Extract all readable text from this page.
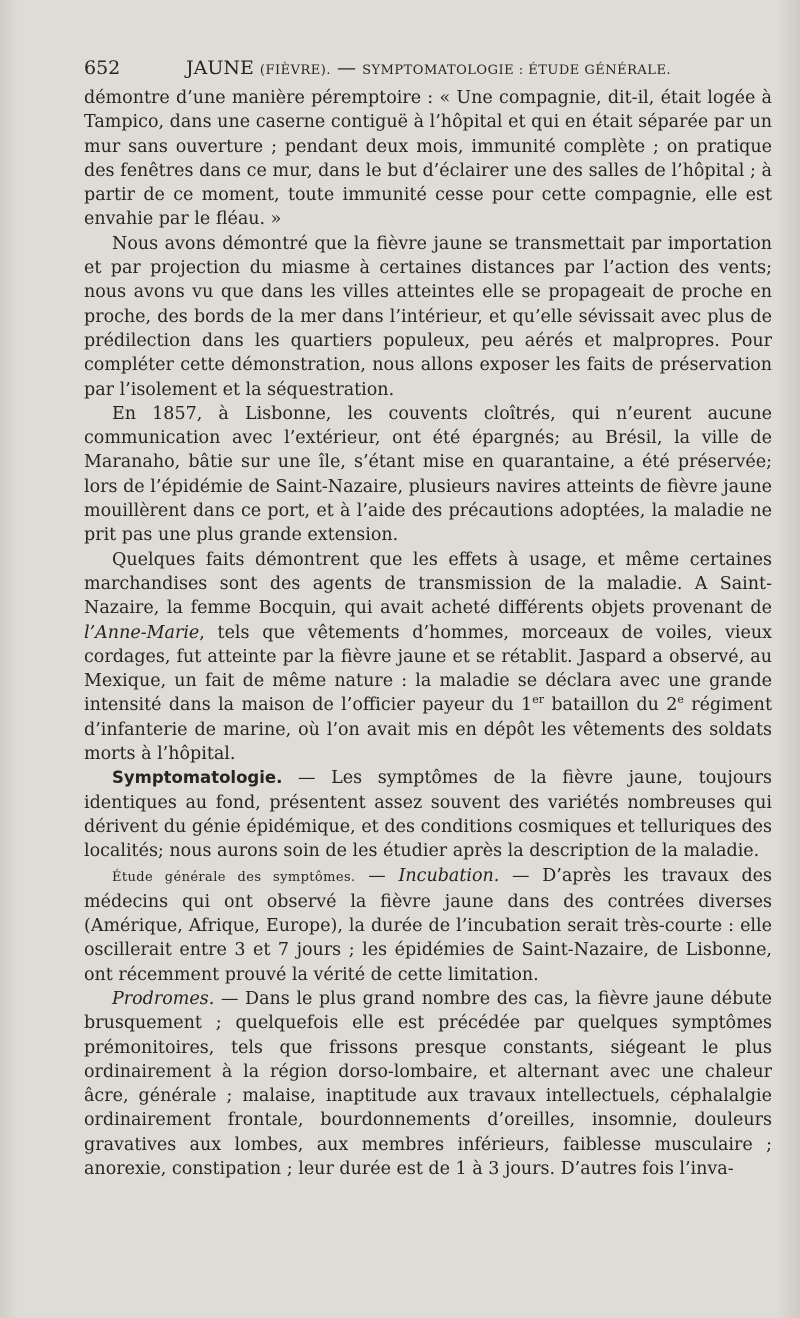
652	JAUNE (FIÈVRE). — SYMPTOMATOLOGIE : ÉTUDE GÉNÉRALE.

démontre d’une manière péremptoire : « Une compagnie, dit-il, était logée à Tampico, dans une caserne contiguë à l’hôpital et qui en était séparée par un mur sans ouverture ; pendant deux mois, immunité complète ; on pratique des fenêtres dans ce mur, dans le but d’éclairer une des salles de l’hôpital ; à partir de ce moment, toute immunité cesse pour cette compagnie, elle est envahie par le fléau. »

Nous avons démontré que la fièvre jaune se transmettait par importation et par projection du miasme à certaines distances par l’action des vents; nous avons vu que dans les villes atteintes elle se propageait de proche en proche, des bords de la mer dans l’intérieur, et qu’elle sévissait avec plus de prédilection dans les quartiers populeux, peu aérés et malpropres. Pour compléter cette démonstration, nous allons exposer les faits de préservation par l’isolement et la séquestration.

En 1857, à Lisbonne, les couvents cloîtrés, qui n’eurent aucune communication avec l’extérieur, ont été épargnés; au Brésil, la ville de Maranaho, bâtie sur une île, s’étant mise en quarantaine, a été préservée; lors de l’épidémie de Saint-Nazaire, plusieurs navires atteints de fièvre jaune mouillèrent dans ce port, et à l’aide des précautions adoptées, la maladie ne prit pas une plus grande extension.

Quelques faits démontrent que les effets à usage, et même certaines marchandises sont des agents de transmission de la maladie. A Saint-Nazaire, la femme Bocquin, qui avait acheté différents objets provenant de l’Anne-Marie, tels que vêtements d’hommes, morceaux de voiles, vieux cordages, fut atteinte par la fièvre jaune et se rétablit. Jaspard a observé, au Mexique, un fait de même nature : la maladie se déclara avec une grande intensité dans la maison de l’officier payeur du 1er bataillon du 2e régiment d’infanterie de marine, où l’on avait mis en dépôt les vêtements des soldats morts à l’hôpital.

Symptomatologie. — Les symptômes de la fièvre jaune, toujours identiques au fond, présentent assez souvent des variétés nombreuses qui dérivent du génie épidémique, et des conditions cosmiques et telluriques des localités; nous aurons soin de les étudier après la description de la maladie.

Étude générale des symptômes. — Incubation. — D’après les travaux des médecins qui ont observé la fièvre jaune dans des contrées diverses (Amérique, Afrique, Europe), la durée de l’incubation serait très-courte : elle oscillerait entre 3 et 7 jours ; les épidémies de Saint-Nazaire, de Lisbonne, ont récemment prouvé la vérité de cette limitation.

Prodromes. — Dans le plus grand nombre des cas, la fièvre jaune débute brusquement ; quelquefois elle est précédée par quelques symptômes prémonitoires, tels que frissons presque constants, siégeant le plus ordinairement à la région dorso-lombaire, et alternant avec une chaleur âcre, générale ; malaise, inaptitude aux travaux intellectuels, céphalalgie ordinairement frontale, bourdonnements d’oreilles, insomnie, douleurs gravatives aux lombes, aux membres inférieurs, faiblesse musculaire ; anorexie, constipation ; leur durée est de 1 à 3 jours. D’autres fois l’inva-
